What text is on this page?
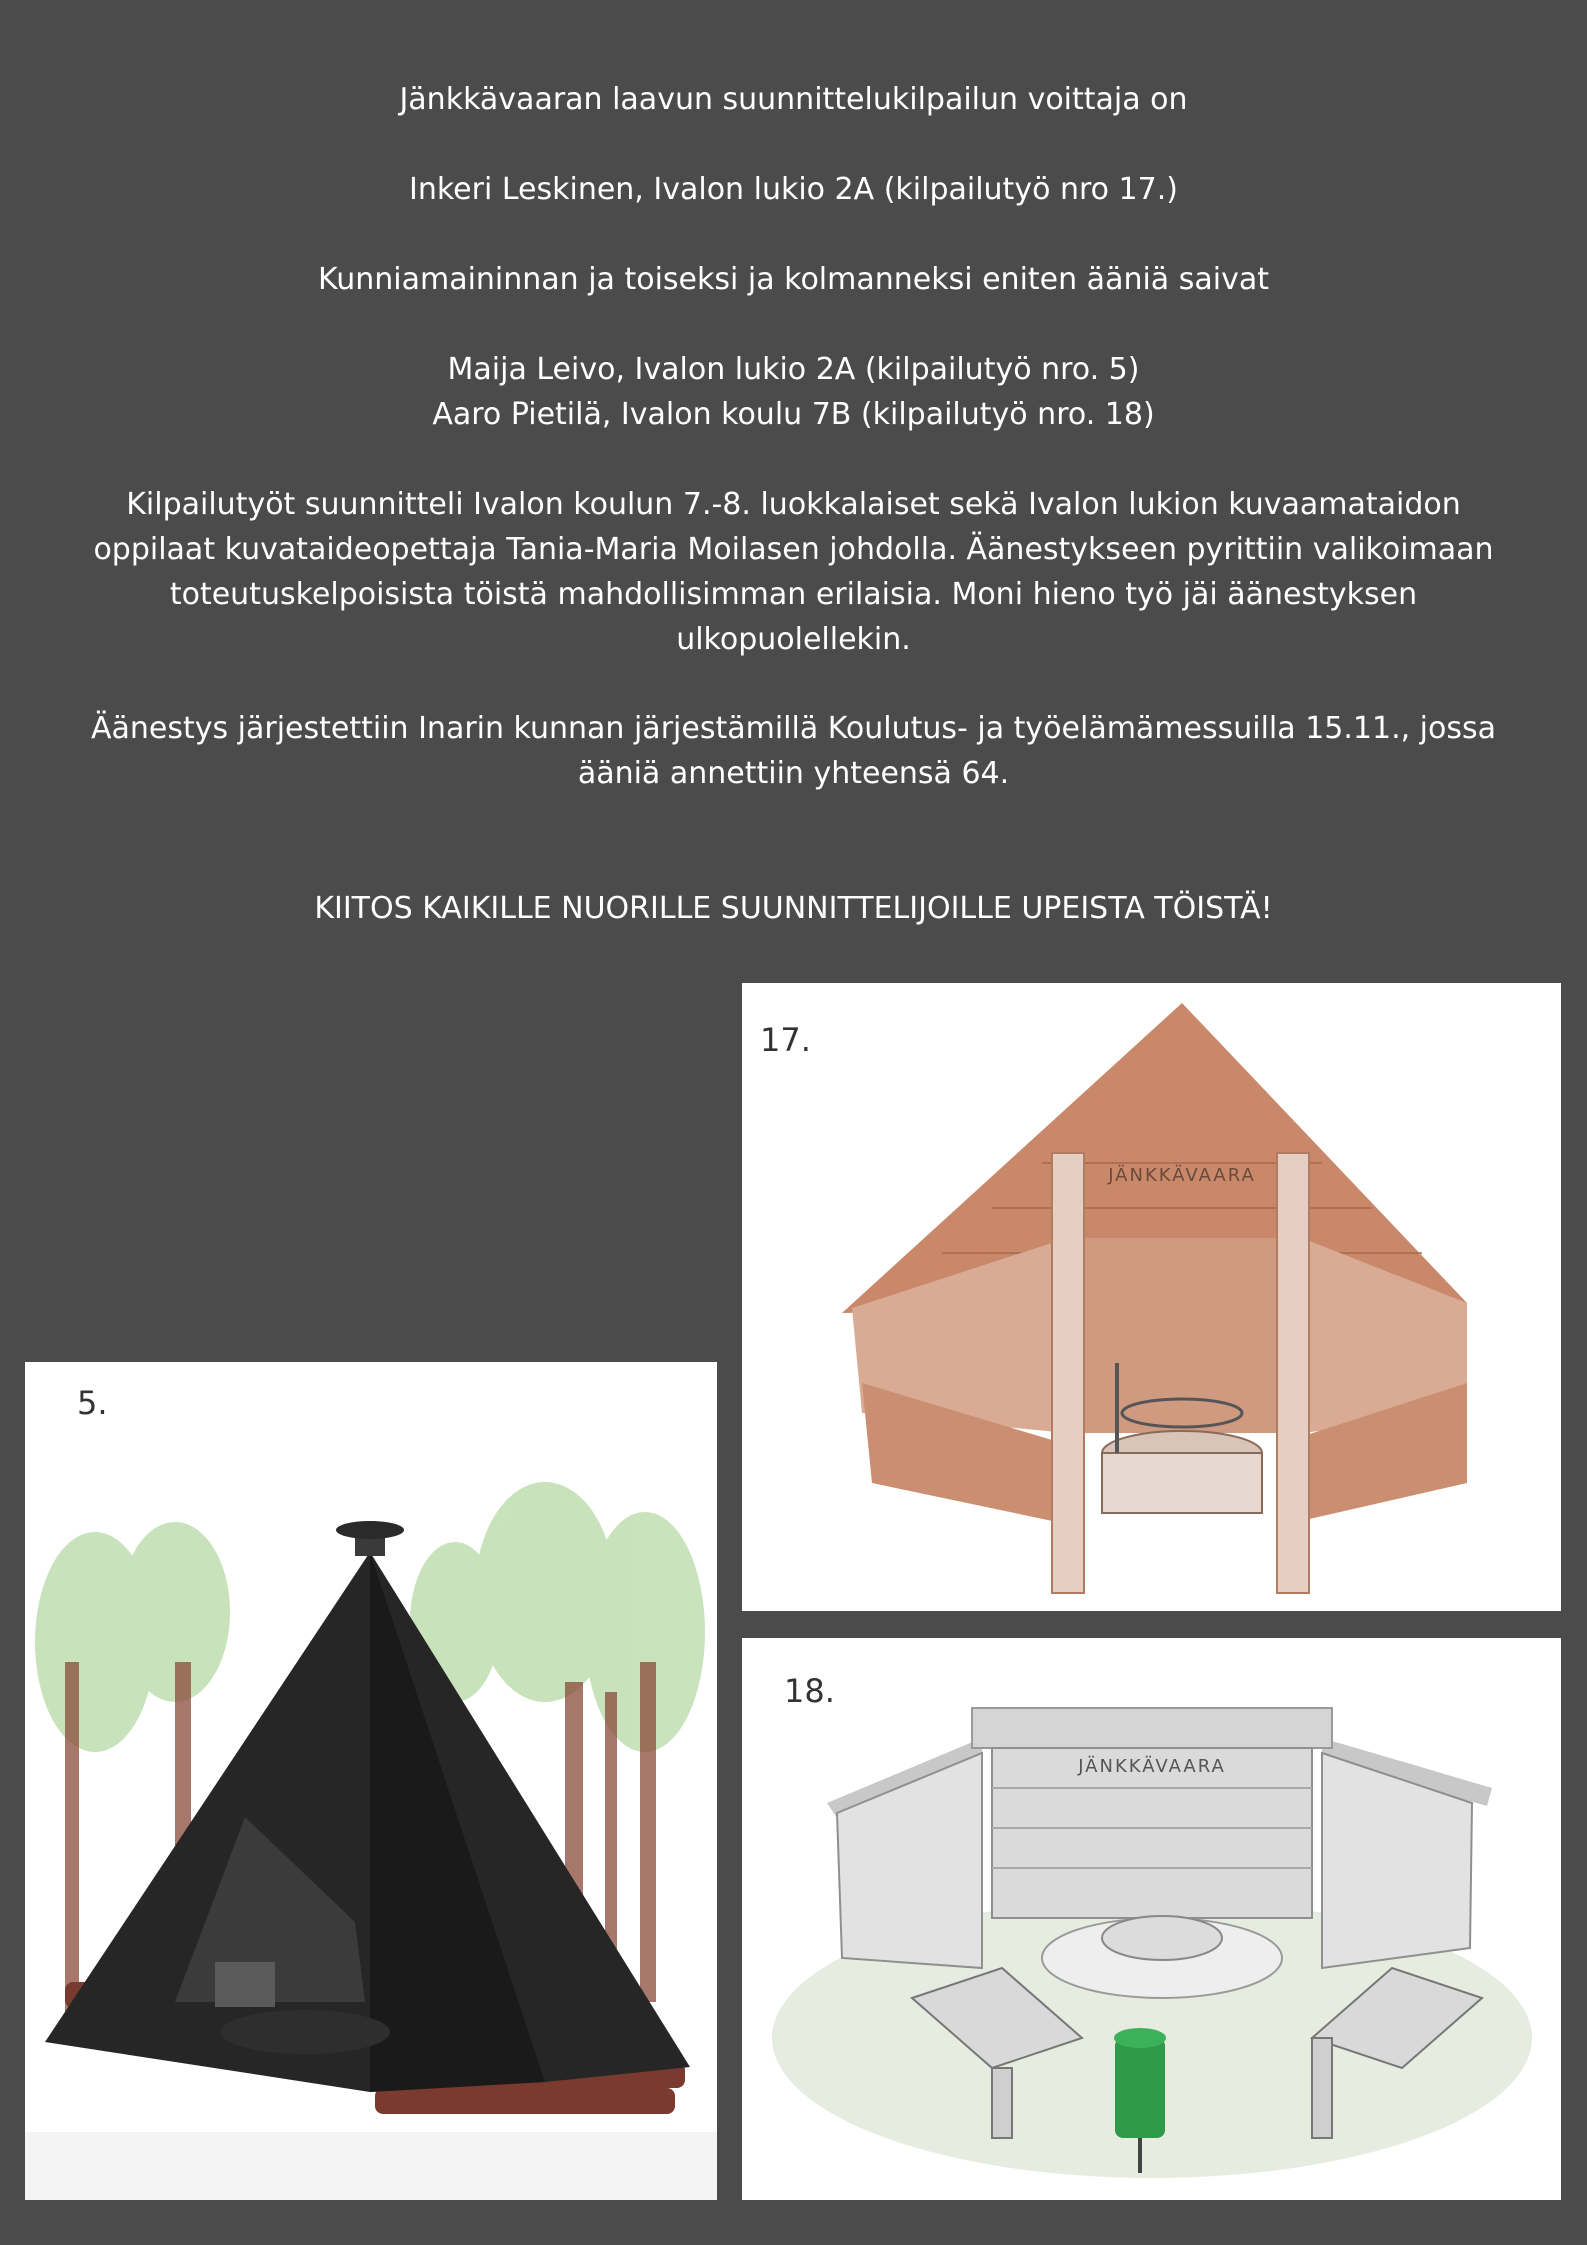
Jänkkävaaran laavun suunnittelukilpailun voittaja on

Inkeri Leskinen, Ivalon lukio 2A (kilpailutyö nro 17.)

Kunniamaininnan ja toiseksi ja kolmanneksi eniten ääniä saivat

Maija Leivo, Ivalon lukio 2A (kilpailutyö nro. 5)
Aaro Pietilä, Ivalon koulu 7B (kilpailutyö nro. 18)
Kilpailutyöt suunnitteli Ivalon koulun 7.-8. luokkalaiset sekä Ivalon lukion kuvaamataidon
oppilaat kuvataideopettaja Tania-Maria Moilasen johdolla. Äänestykseen pyrittiin valikoimaan
toteutuskelpoisista töistä mahdollisimman erilaisia. Moni hieno työ jäi äänestyksen
ulkopuolellekin.
Äänestys järjestettiin Inarin kunnan järjestämillä Koulutus- ja työelämämessuilla 15.11., jossa
ääniä annettiin yhteensä 64.

KIITOS KAIKILLE NUORILLE SUUNNITTELIJOILLE UPEISTA TÖISTÄ!

5.
JÄNKKÄVAARA
17.
JÄNKKÄVAARA
18.
